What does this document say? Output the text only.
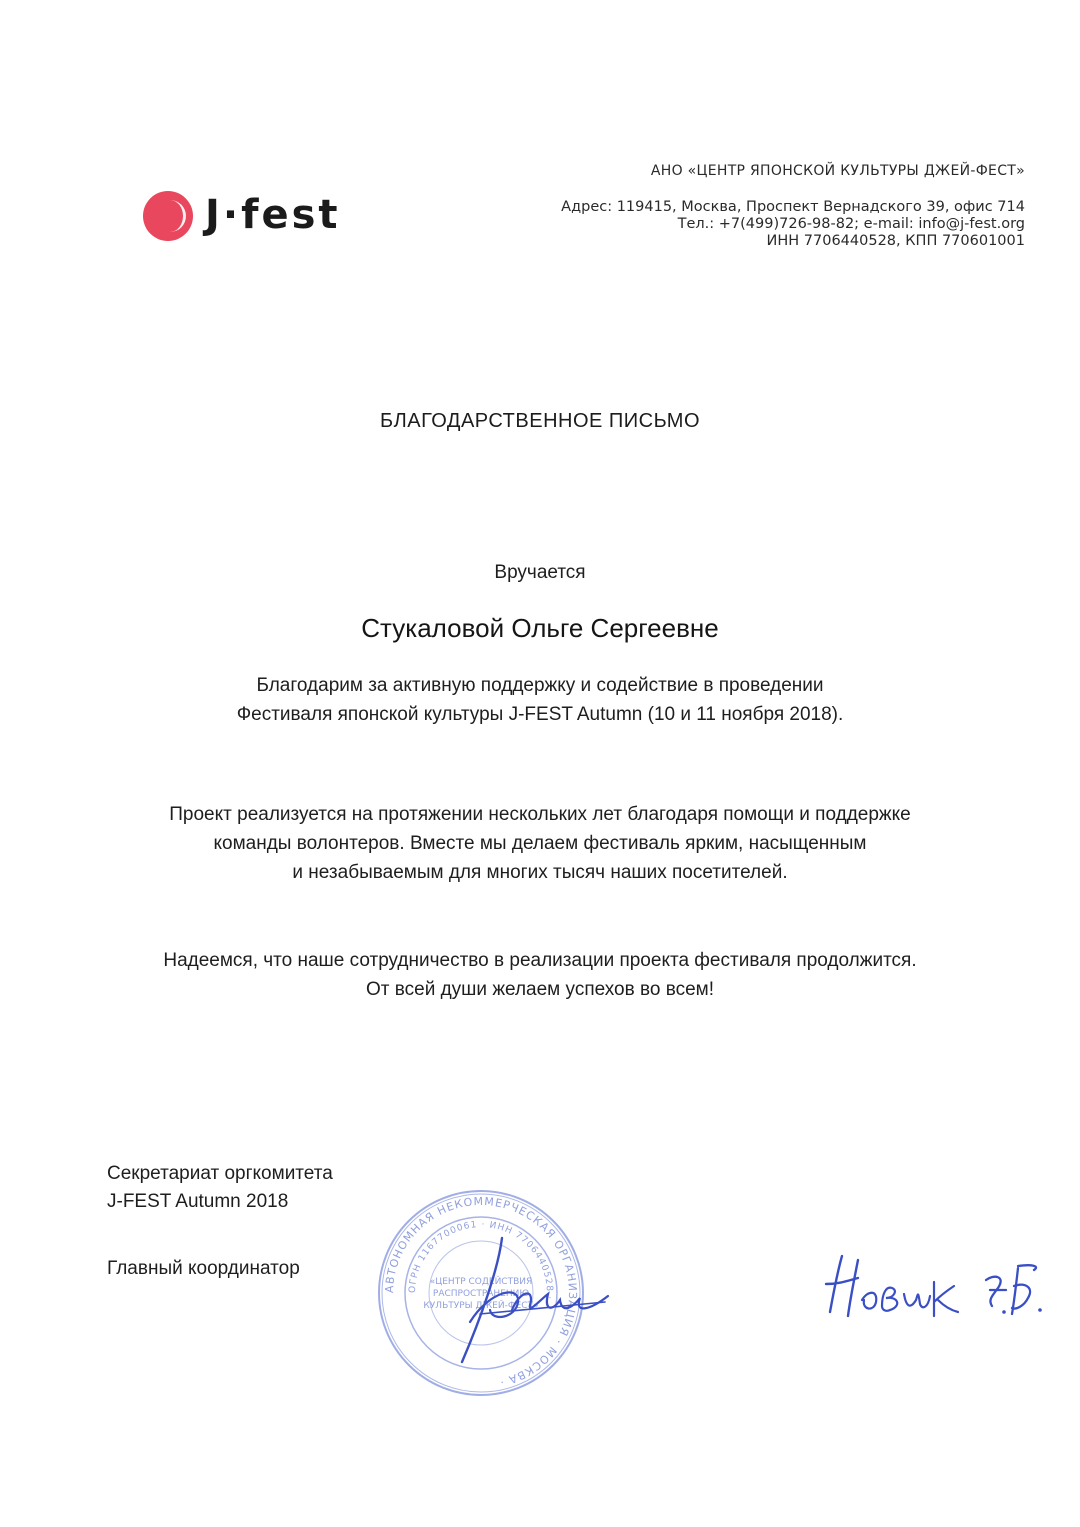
J·fest
АНО «ЦЕНТР ЯПОНСКОЙ КУЛЬТУРЫ ДЖЕЙ-ФЕСТ»
Адрес: 119415, Москва, Проспект Вернадского 39, офис 714
Тел.: +7(499)726-98-82; e-mail: info@j-fest.org
ИНН 7706440528, КПП 770601001
БЛАГОДАРСТВЕННОЕ ПИСЬМО
Вручается
Стукаловой Ольге Сергеевне
Благодарим за активную поддержку и содействие в проведении
Фестиваля японской культуры J-FEST Autumn (10 и 11 ноября 2018).
Проект реализуется на протяжении нескольких лет благодаря помощи и поддержке
команды волонтеров. Вместе мы делаем фестиваль ярким, насыщенным
и незабываемым для многих тысяч наших посетителей.
Надеемся, что наше сотрудничество в реализации проекта фестиваля продолжится.
От всей души желаем успехов во всем!
Секретариат оргкомитета
J-FEST Autumn 2018
Главный координатор
АВТОНОМНАЯ НЕКОММЕРЧЕСКАЯ ОРГАНИЗАЦИЯ · МОСКВА ·
ОГРН 1167700061 · ИНН 7706440528 ·
«ЦЕНТР СОДЕЙСТВИЯ
РАСПРОСТРАНЕНИЮ
КУЛЬТУРЫ ДЖЕЙ-ФЕСТ»
